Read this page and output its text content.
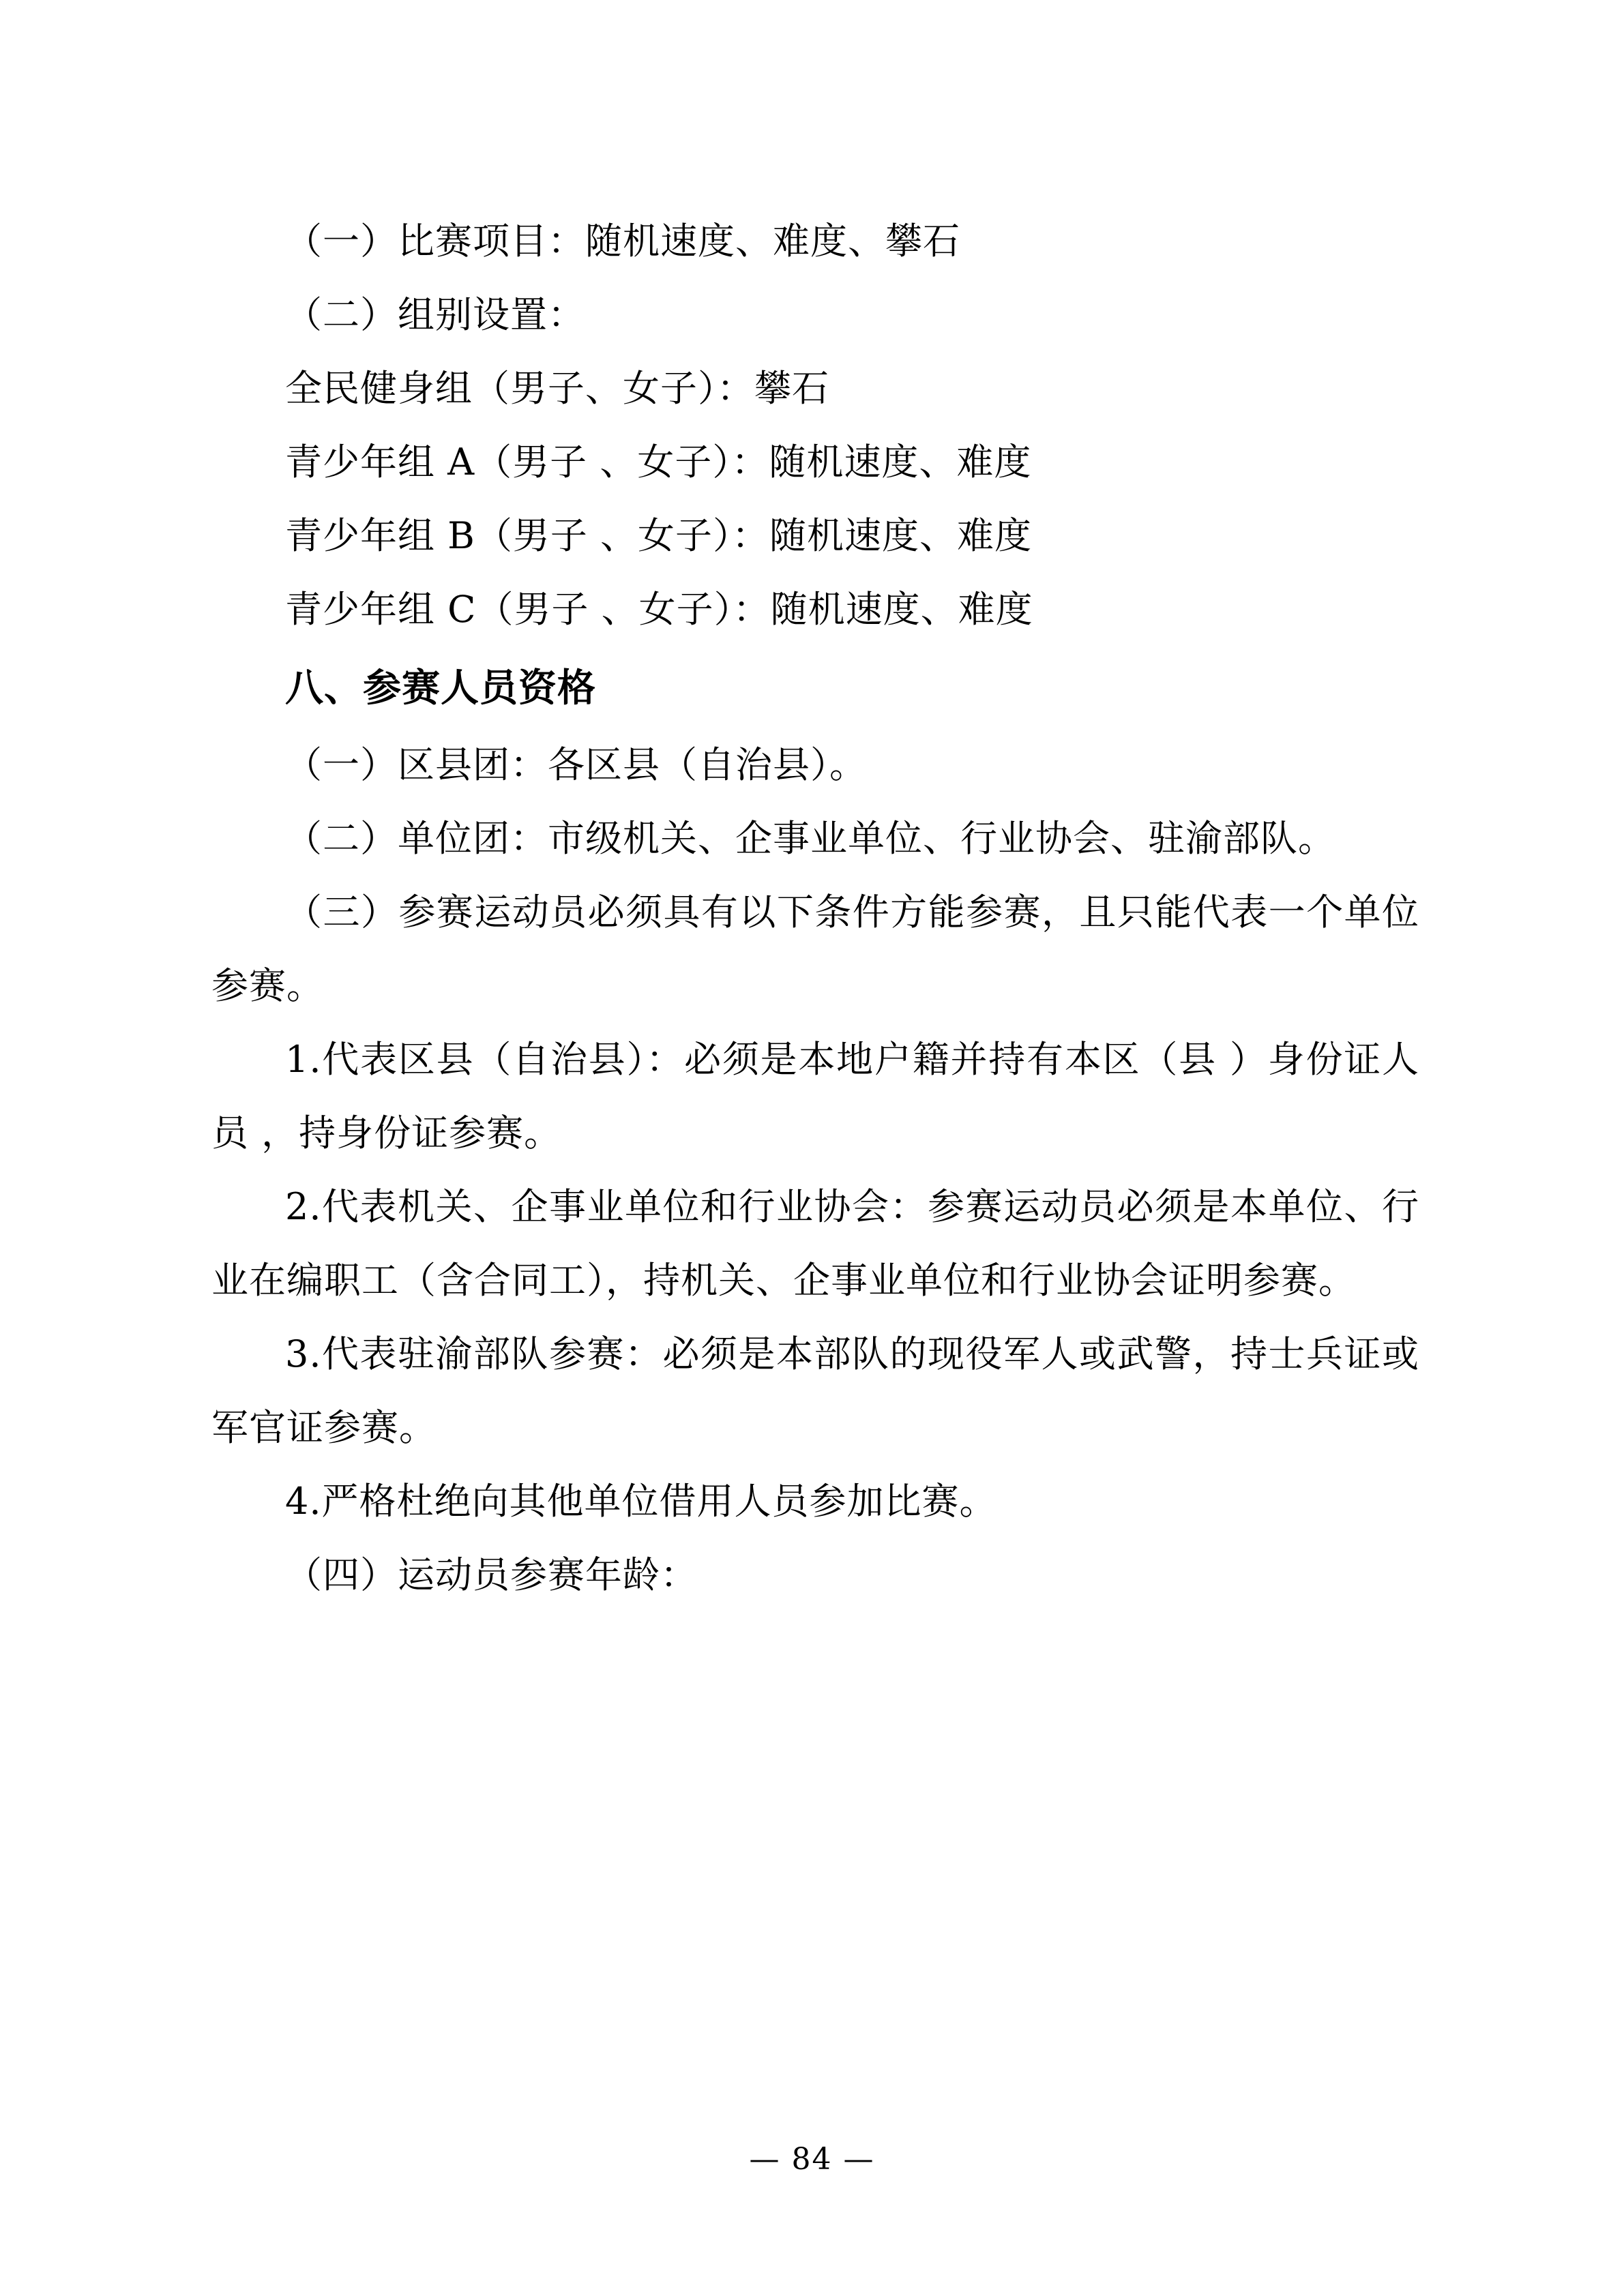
（一）比赛项目：随机速度、难度、攀石

（二）组别设置：

全民健身组（男子、女子）：攀石

青少年组 A（男子 、女子）：随机速度、难度

青少年组 B（男子 、女子）：随机速度、难度

青少年组 C（男子 、女子）：随机速度、难度

八、参赛人员资格

（一）区县团：各区县（自治县）。

（二）单位团：市级机关、企事业单位、行业协会、驻渝部队。

（三）参赛运动员必须具有以下条件方能参赛，且只能代表一个单位参赛。

1.代表区县（自治县）：必须是本地户籍并持有本区（县 ）身份证人员 ，持身份证参赛。

2.代表机关、企事业单位和行业协会：参赛运动员必须是本单位、行业在编职工（含合同工），持机关、企事业单位和行业协会证明参赛。

3.代表驻渝部队参赛：必须是本部队的现役军人或武警，持士兵证或军官证参赛。

4.严格杜绝向其他单位借用人员参加比赛。

（四）运动员参赛年龄：

— 84 —
